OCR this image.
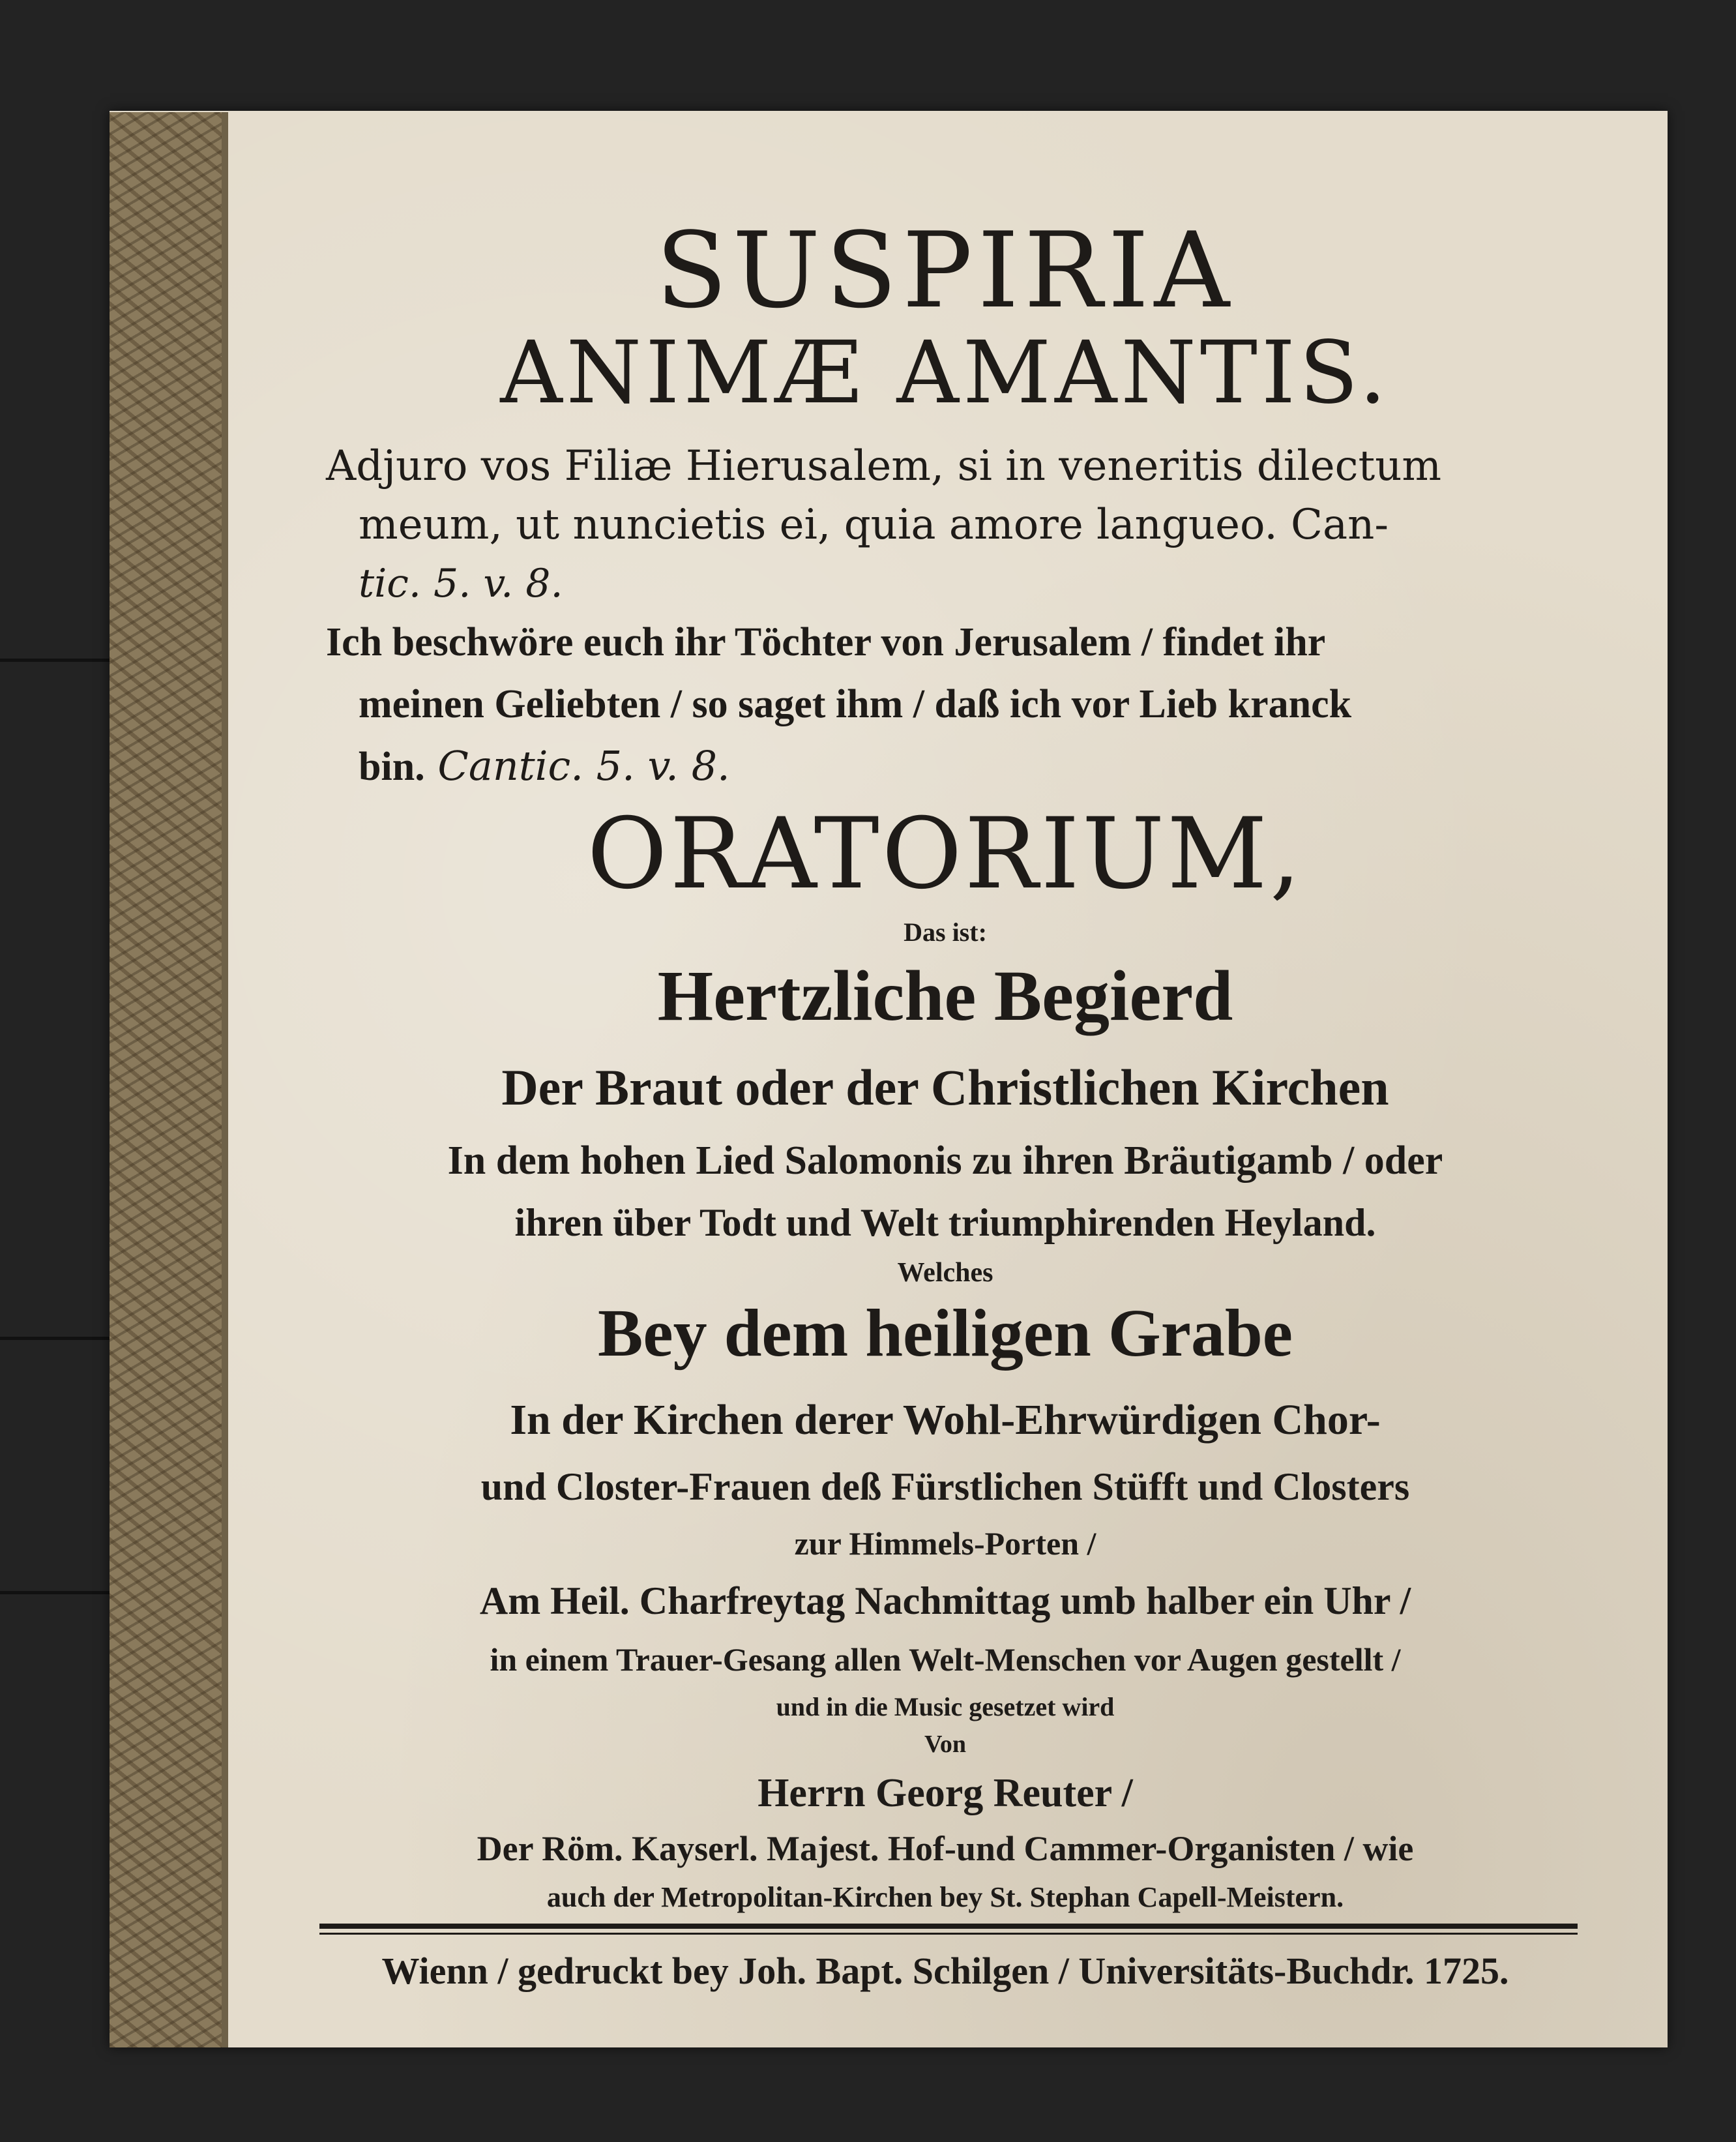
SUSPIRIA
ANIMÆ AMANTIS.
Adjuro vos Filiæ Hierusalem, si in veneritis dilectum
meum, ut nuncietis ei, quia amore langueo. Can-
tic. 5. v. 8.
Ich beschwöre euch ihr Töchter von Jerusalem / findet ihr
meinen Geliebten / so saget ihm / daß ich vor Lieb kranck
bin. Cantic. 5. v. 8.
ORATORIUM,
Das ist:
Hertzliche Begierd
Der Braut oder der Christlichen Kirchen
In dem hohen Lied Salomonis zu ihren Bräutigamb / oder
ihren über Todt und Welt triumphirenden Heyland.
Welches
Bey dem heiligen Grabe
In der Kirchen derer Wohl-Ehrwürdigen Chor-
und Closter-Frauen deß Fürstlichen Stüfft und Closters
zur Himmels-Porten /
Am Heil. Charfreytag Nachmittag umb halber ein Uhr /
in einem Trauer-Gesang allen Welt-Menschen vor Augen gestellt /
und in die Music gesetzet wird
Von
Herrn Georg Reuter /
Der Röm. Kayserl. Majest. Hof-und Cammer-Organisten / wie
auch der Metropolitan-Kirchen bey St. Stephan Capell-Meistern.
Wienn / gedruckt bey Joh. Bapt. Schilgen / Universitäts-Buchdr. 1725.
